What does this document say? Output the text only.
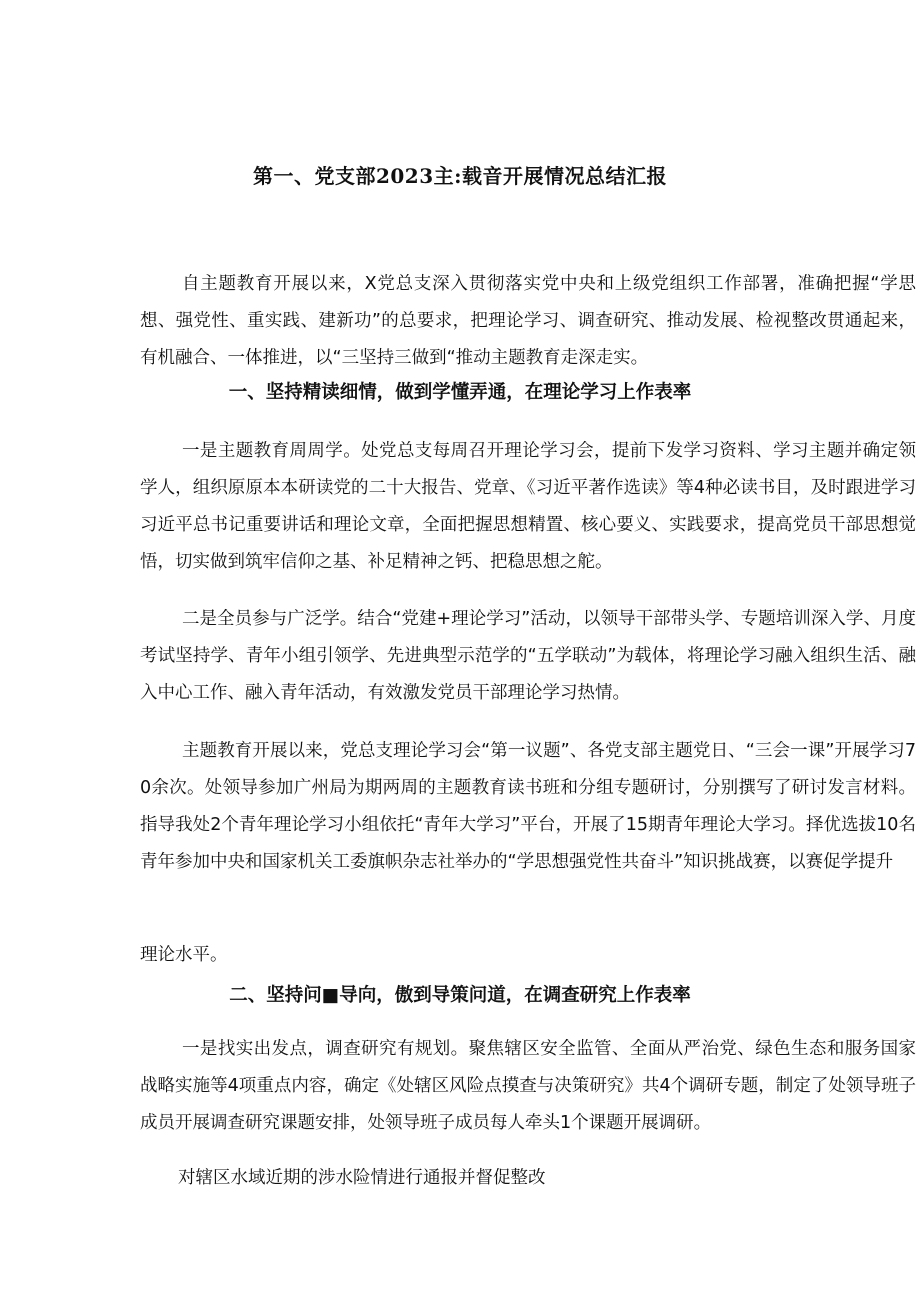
第一、党支部2023主:载音开展情况总结汇报

自主题教育开展以来，X党总支深入贯彻落实党中央和上级党组织工作部署，准确把握“学思想、强党性、重实践、建新功”的总要求，把理论学习、调查研究、推动发展、检视整改贯通起来，有机融合、一体推进，以“三坚持三做到“推动主题教育走深走实。

一、坚持精读细情，做到学懂弄通，在理论学习上作表率

一是主题教育周周学。处党总支每周召开理论学习会，提前下发学习资料、学习主题并确定领学人，组织原原本本研读党的二十大报告、党章、《习近平著作选读》等4种必读书目，及时跟进学习习近平总书记重要讲话和理论文章，全面把握思想精置、核心要义、实践要求，提高党员干部思想觉悟，切实做到筑牢信仰之基、补足精神之钙、把稳思想之舵。

二是全员参与广泛学。结合“党建+理论学习”活动，以领导干部带头学、专题培训深入学、月度考试坚持学、青年小组引领学、先进典型示范学的“五学联动”为载体，将理论学习融入组织生活、融入中心工作、融入青年活动，有效激发党员干部理论学习热情。

主题教育开展以来，党总支理论学习会“第一议题”、各党支部主题党日、“三会一课”开展学习70余次。处领导参加广州局为期两周的主题教育读书班和分组专题研讨，分别撰写了研讨发言材料。指导我处2个青年理论学习小组依托“青年大学习”平台，开展了15期青年理论大学习。择优选拔10名青年参加中央和国家机关工委旗帜杂志社举办的“学思想强党性共奋斗”知识挑战赛，以赛促学提升

理论水平。

二、坚持问■导向，傲到导策问道，在调查研究上作表率

一是找实出发点，调查研究有规划。聚焦辖区安全监管、全面从严治党、绿色生态和服务国家战略实施等4项重点内容，确定《处辖区风险点摸查与决策研究》共4个调研专题，制定了处领导班子成员开展调查研究课题安排，处领导班子成员每人牵头1个课题开展调研。

对辖区水域近期的涉水险情进行通报并督促整改
